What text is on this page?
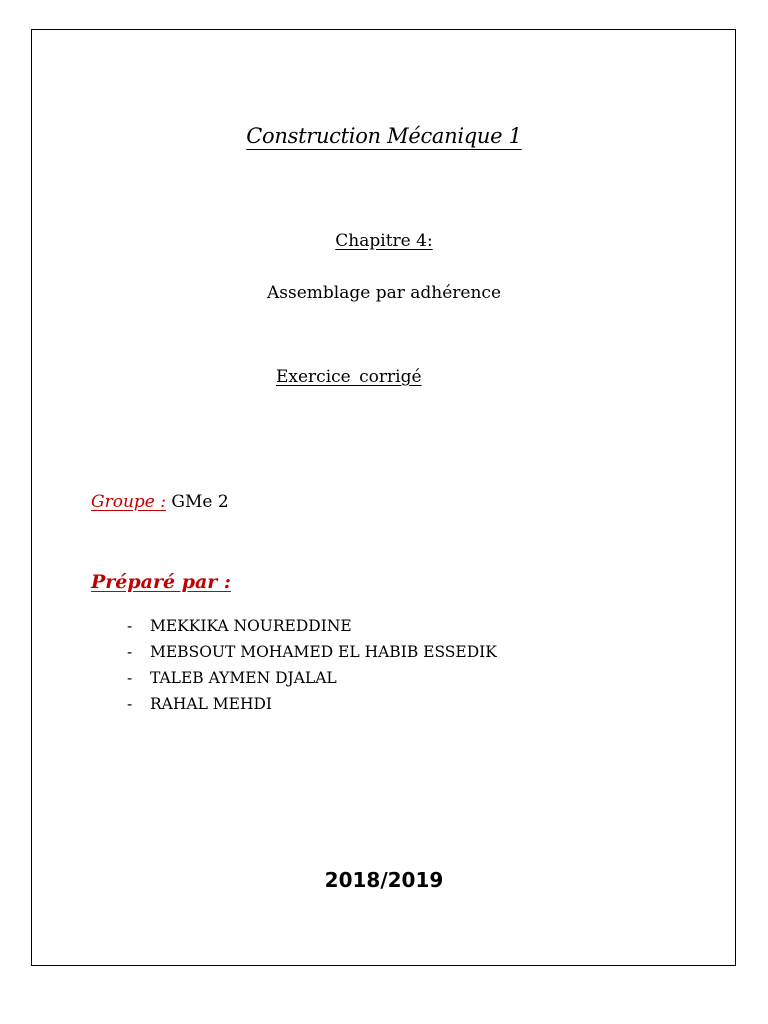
Construction Mécanique 1
Chapitre 4:
Assemblage par adhérence
Exercice corrigé
Groupe : GMe 2
Préparé par :
- MEKKIKA NOUREDDINE
- MEBSOUT MOHAMED EL HABIB ESSEDIK
- TALEB AYMEN DJALAL
- RAHAL MEHDI
2018/2019
